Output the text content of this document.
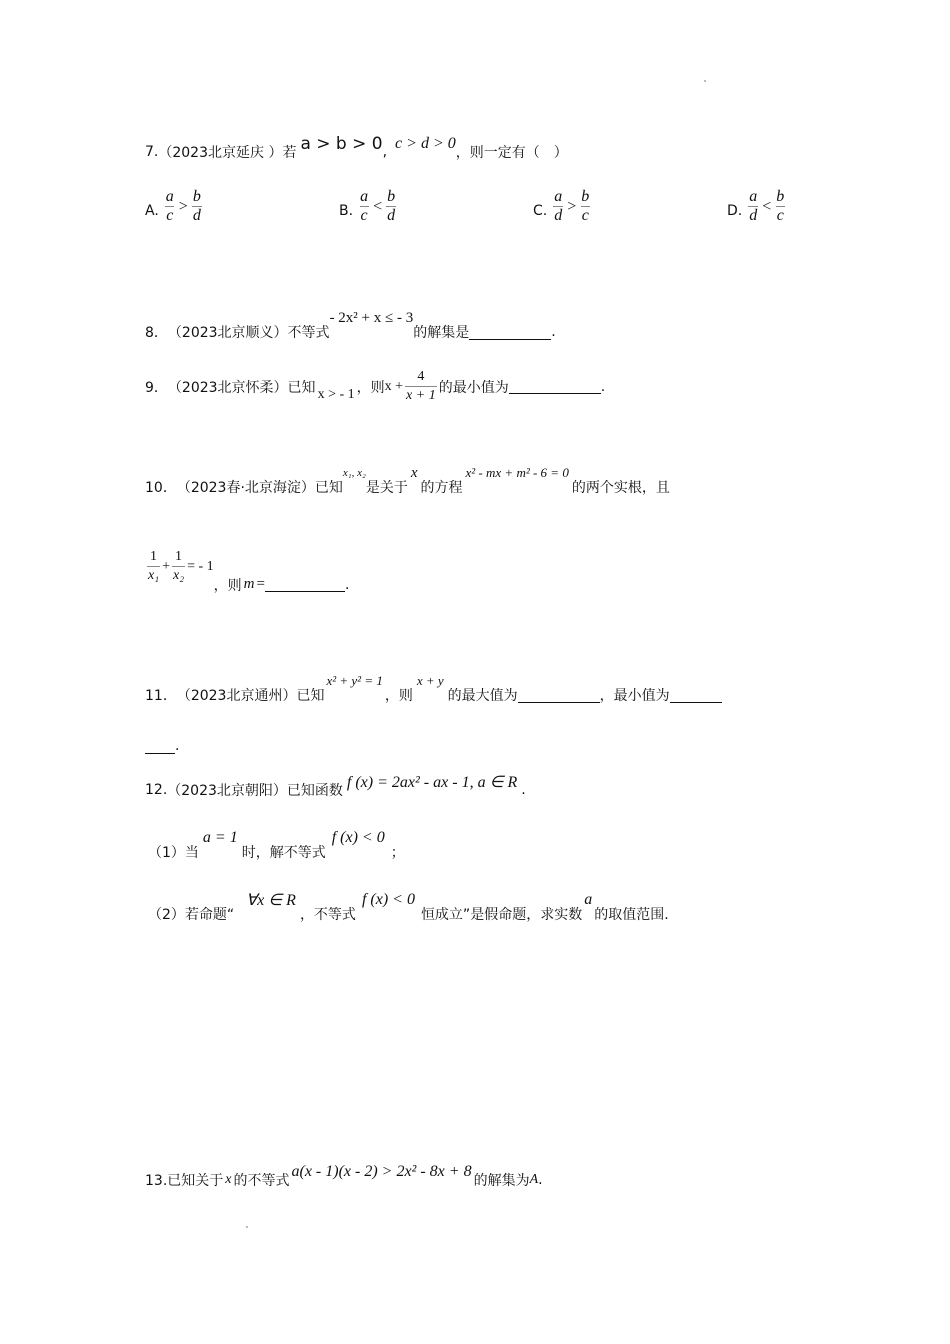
7. （2023北京延庆 ）若 a > b > 0 , c > d > 0
，则一定有（　）
A. $\frac{a}{c} > \frac{b}{d}$	B. $\frac{a}{c} < \frac{b}{d}$	C. $\frac{a}{d} > \frac{b}{c}$	D. $\frac{a}{d} < \frac{b}{c}$
8． （2023北京顺义）不等式
- 2x² + x ≤ - 3
的解集是	.
9． （2023北京怀柔）已知 x > - 1 ，则 $x + \frac{4}{x + 1}$ 的最小值为	.
10． （2023春·北京海淀）已知
x₁, x₂
是关于
x
的方程
x² - mx + m² - 6 = 0
的两个实根，且
$\frac{1}{\text{x₁}} + \frac{1}{\text{x₂}}$ = - 1
，则 m =	.
11． （2023北京通州）已知
x² + y² = 1
，则
x + y
的最大值为	，最小值为
.
12. （2023北京朝阳）已知函数 f (x) = 2ax² - ax - 1, a ∈ R .
（1）当
a = 1
时，解不等式
f (x) < 0
；
（2）若命题“
∀x ∈ R
，不等式
f (x) < 0
恒成立”是假命题，求实数
a
的取值范围.
13.已知关于 x 的不等式
a(x - 1)(x - 2) > 2x² - 8x + 8
的解集为 A .
